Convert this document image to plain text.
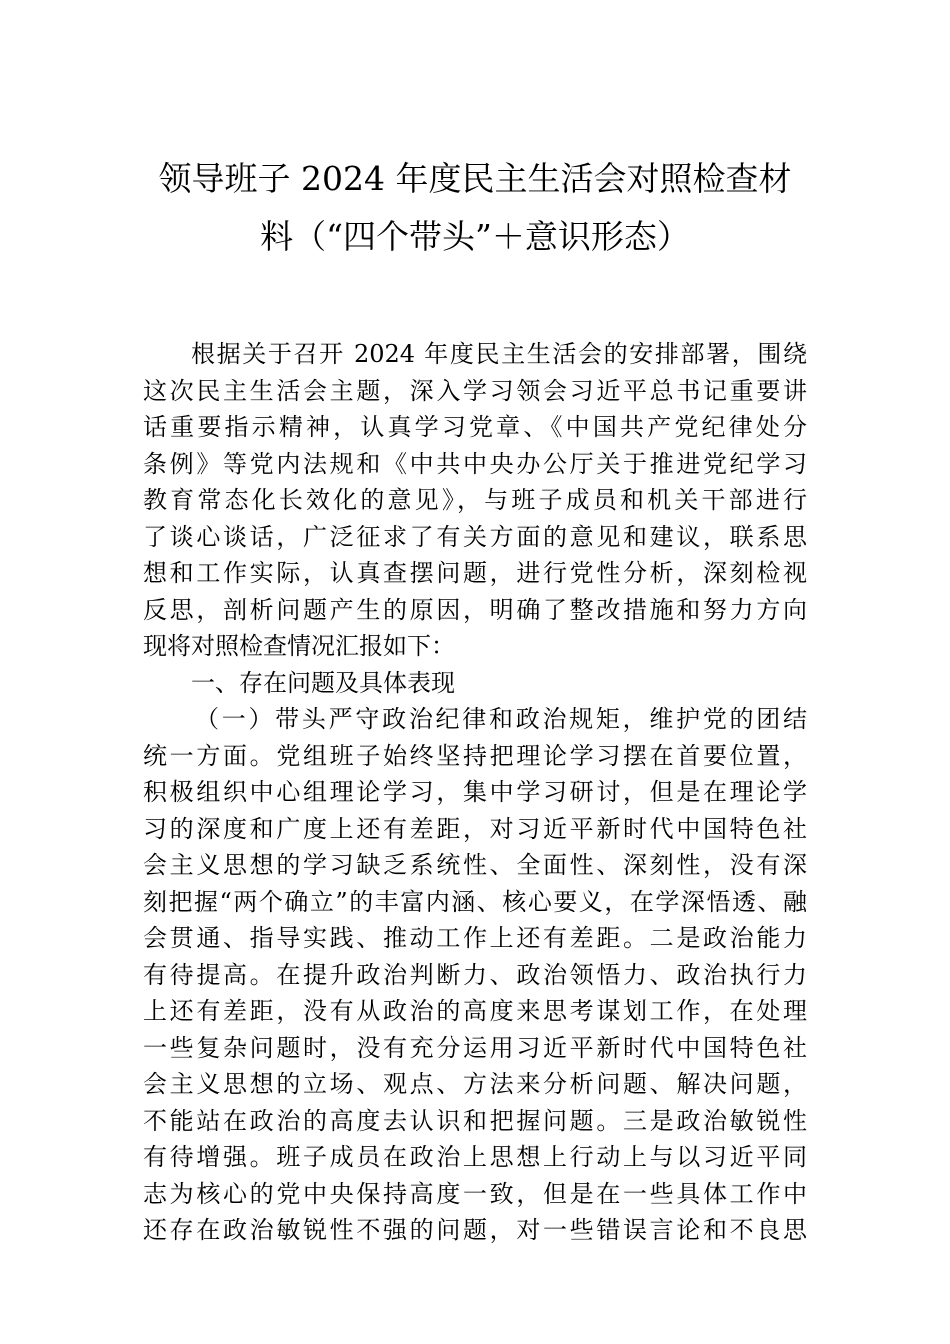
领导班子 2024 年度民主生活会对照检查材
料（“四个带头”＋意识形态）
根据关于召开 2024 年度民主生活会的安排部署，围绕
这次民主生活会主题，深入学习领会习近平总书记重要讲
话重要指示精神，认真学习党章、《中国共产党纪律处分
条例》等党内法规和《中共中央办公厅关于推进党纪学习
教育常态化长效化的意见》，与班子成员和机关干部进行
了谈心谈话，广泛征求了有关方面的意见和建议，联系思
想和工作实际，认真查摆问题，进行党性分析，深刻检视
反思，剖析问题产生的原因，明确了整改措施和努力方向
现将对照检查情况汇报如下：
一、存在问题及具体表现
（一）带头严守政治纪律和政治规矩，维护党的团结
统一方面。党组班子始终坚持把理论学习摆在首要位置，
积极组织中心组理论学习，集中学习研讨，但是在理论学
习的深度和广度上还有差距，对习近平新时代中国特色社
会主义思想的学习缺乏系统性、全面性、深刻性，没有深
刻把握“两个确立”的丰富内涵、核心要义，在学深悟透、融
会贯通、指导实践、推动工作上还有差距。二是政治能力
有待提高。在提升政治判断力、政治领悟力、政治执行力
上还有差距，没有从政治的高度来思考谋划工作，在处理
一些复杂问题时，没有充分运用习近平新时代中国特色社
会主义思想的立场、观点、方法来分析问题、解决问题，
不能站在政治的高度去认识和把握问题。三是政治敏锐性
有待增强。班子成员在政治上思想上行动上与以习近平同
志为核心的党中央保持高度一致，但是在一些具体工作中
还存在政治敏锐性不强的问题，对一些错误言论和不良思
